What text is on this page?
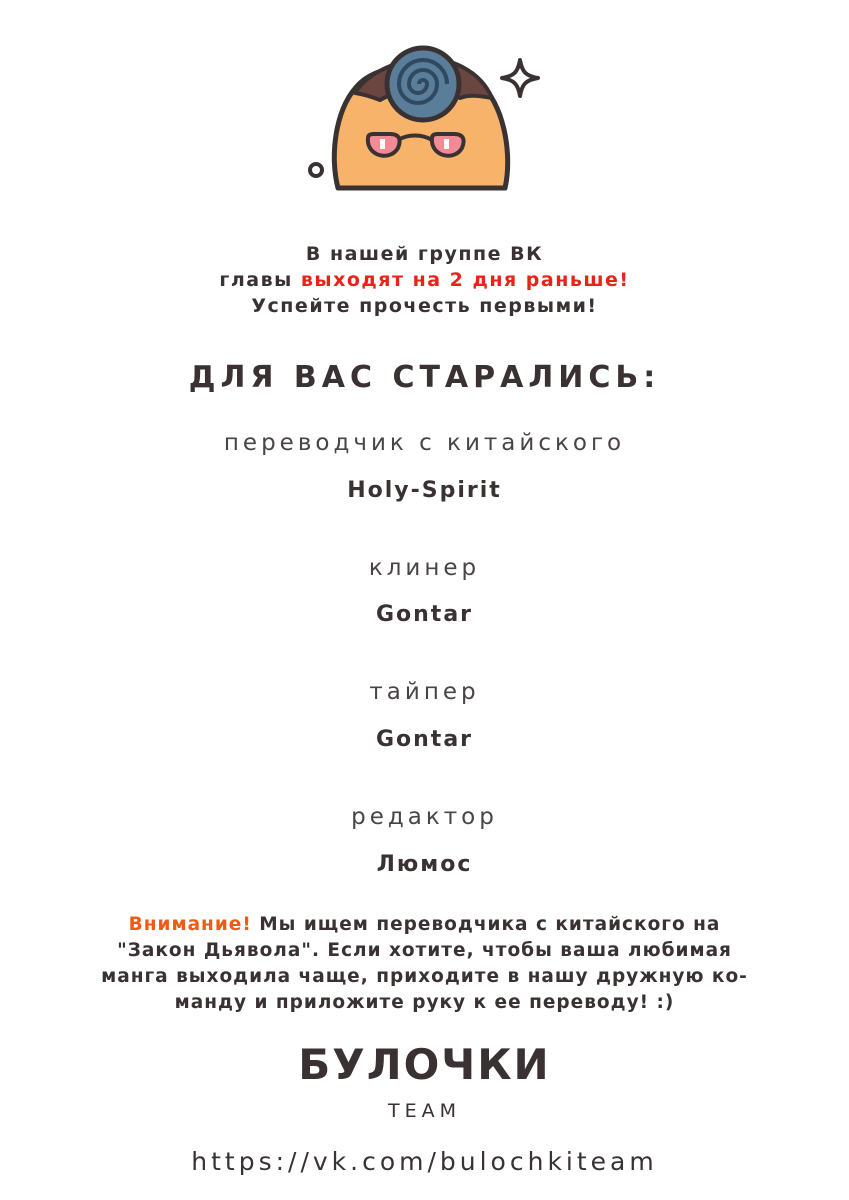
В нашей группе ВК
главы выходят на 2 дня раньше!
Успейте прочесть первыми!
ДЛЯ ВАС СТАРАЛИСЬ:
переводчик с китайского
Holy-Spirit
клинер
Gontar
тайпер
Gontar
редактор
Люмос
Внимание! Мы ищем переводчика с китайского на
"Закон Дьявола". Если хотите, чтобы ваша любимая
манга выходила чаще, приходите в нашу дружную ко-
манду и приложите руку к ее переводу! :)
БУЛОЧКИ
TEAM
https://vk.com/bulochkiteam
